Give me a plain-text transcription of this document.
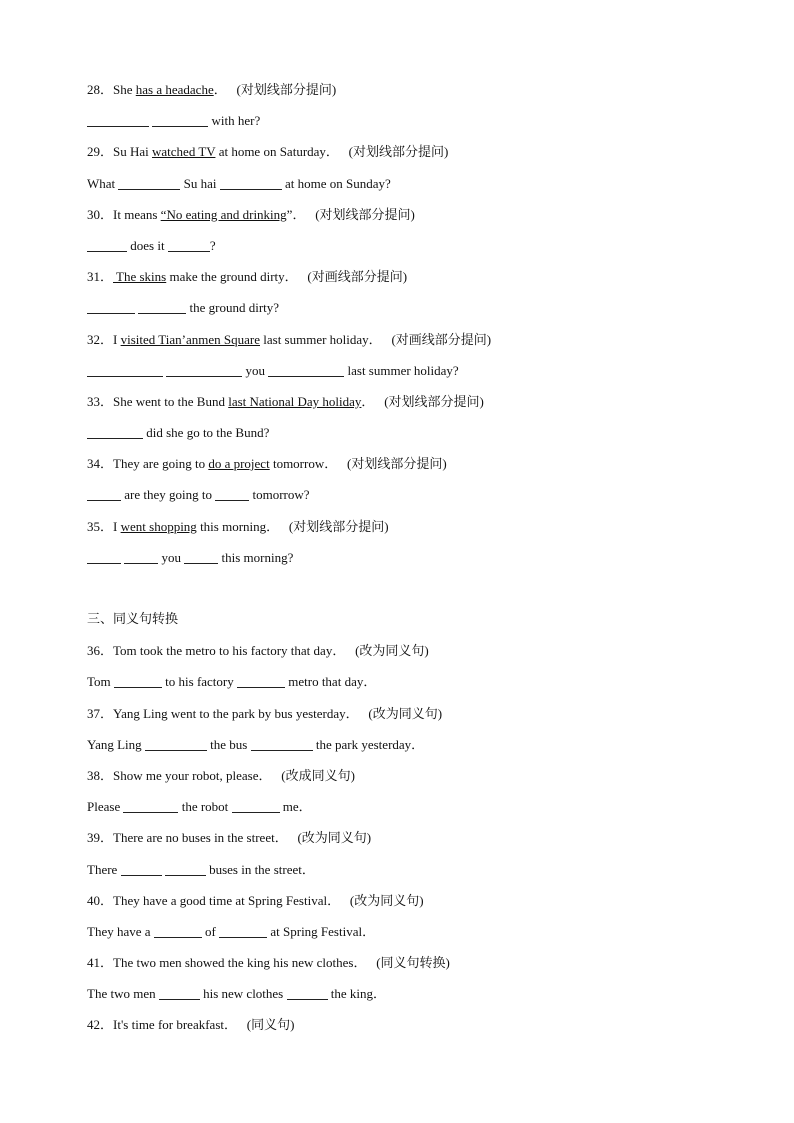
28．She has a headache． (对划线部分提问)
with her?
29．Su Hai watched TV at home on Saturday． (对划线部分提问)
What	Su hai	at home on Sunday?
30．It means “No eating and drinking”． (对划线部分提问)
does it	?
31． The skins make the ground dirty． (对画线部分提问)
the ground dirty?
32．I visited Tian’anmen Square last summer holiday． (对画线部分提问)
you	last summer holiday?
33．She went to the Bund last National Day holiday． (对划线部分提问)
did she go to the Bund?
34．They are going to do a project tomorrow． (对划线部分提问)
are they going to	tomorrow?
35．I went shopping this morning． (对划线部分提问)
you	this morning?
三、同义句转换
36．Tom took the metro to his factory that day． (改为同义句)
Tom	to his factory	metro that day．
37．Yang Ling went to the park by bus yesterday． (改为同义句)
Yang Ling	the bus	the park yesterday．
38．Show me your robot, please． (改成同义句)
Please	the robot	me．
39．There are no buses in the street． (改为同义句)
There	buses in the street．
40．They have a good time at Spring Festival． (改为同义句)
They have a	of	at Spring Festival．
41．The two men showed the king his new clothes． (同义句转换)
The two men	his new clothes	the king．
42．It's time for breakfast． (同义句)
